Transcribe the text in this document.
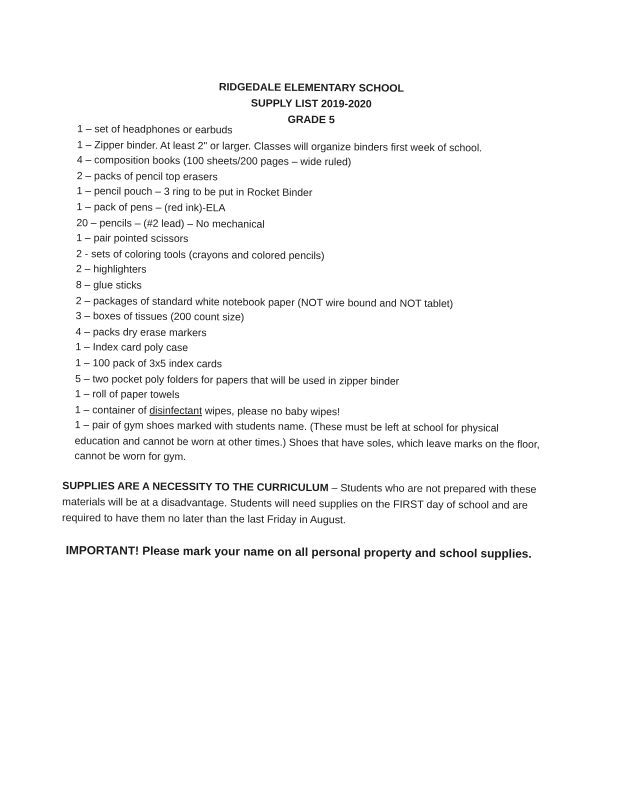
RIDGEDALE ELEMENTARY SCHOOL
SUPPLY LIST 2019-2020
GRADE 5
1 – set of headphones or earbuds
1 – Zipper binder. At least 2" or larger. Classes will organize binders first week of school.
4 – composition books (100 sheets/200 pages – wide ruled)
2 – packs of pencil top erasers
1 – pencil pouch – 3 ring to be put in Rocket Binder
1 – pack of pens – (red ink)-ELA
20 – pencils – (#2 lead) – No mechanical
1 – pair pointed scissors
2 - sets of coloring tools (crayons and colored pencils)
2 – highlighters
8 – glue sticks
2 – packages of standard white notebook paper (NOT wire bound and NOT tablet)
3 – boxes of tissues (200 count size)
4 – packs dry erase markers
1 – Index card poly case
1 – 100 pack of 3x5 index cards
5 – two pocket poly folders for papers that will be used in zipper binder
1 – roll of paper towels
1 – container of disinfectant wipes, please no baby wipes!
1 – pair of gym shoes marked with students name. (These must be left at school for physical education and cannot be worn at other times.) Shoes that have soles, which leave marks on the floor, cannot be worn for gym.
SUPPLIES ARE A NECESSITY TO THE CURRICULUM – Students who are not prepared with these materials will be at a disadvantage. Students will need supplies on the FIRST day of school and are required to have them no later than the last Friday in August.
IMPORTANT! Please mark your name on all personal property and school supplies.
